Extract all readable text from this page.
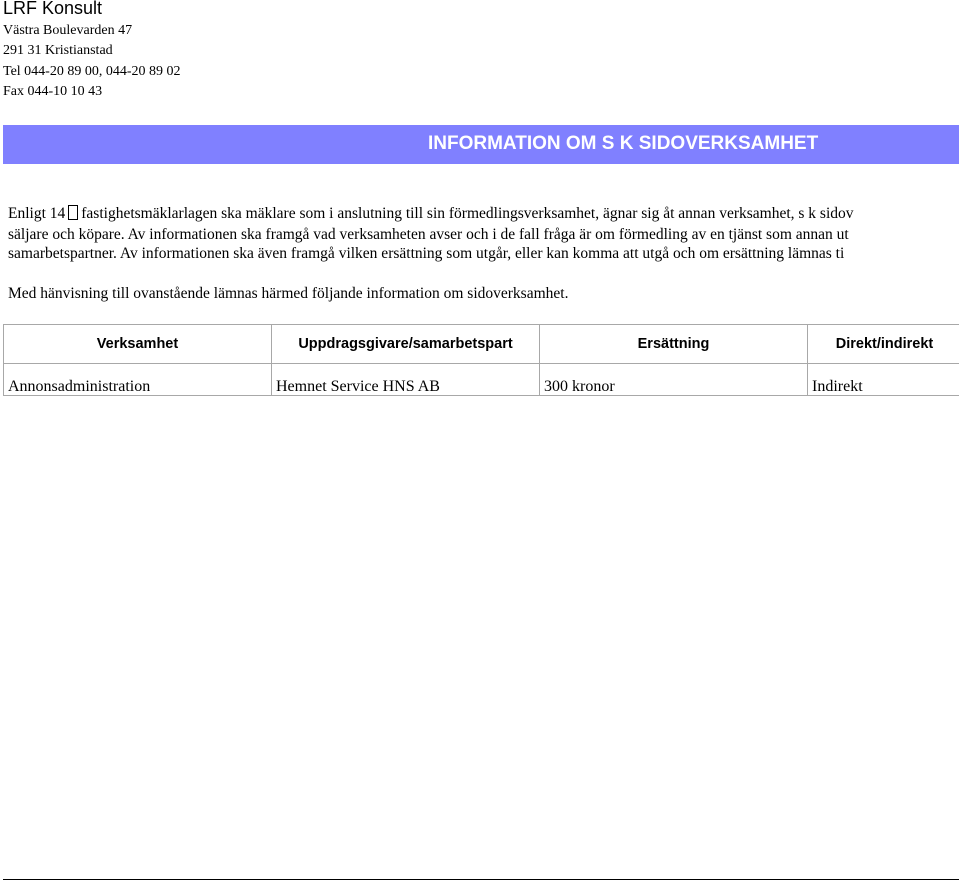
LRF Konsult
Västra Boulevarden 47
291 31 Kristianstad
Tel 044-20 89 00, 044-20 89 02
Fax 044-10 10 43
INFORMATION OM S K SIDOVERKSAMHET
Enligt 14 fastighetsmäklarlagen ska mäklare som i anslutning till sin förmedlingsverksamhet, ägnar sig åt annan verksamhet, s k sidov
säljare och köpare. Av informationen ska framgå vad verksamheten avser och i de fall fråga är om förmedling av en tjänst som annan ut
samarbetspartner. Av informationen ska även framgå vilken ersättning som utgår, eller kan komma att utgå och om ersättning lämnas ti
Med hänvisning till ovanstående lämnas härmed följande information om sidoverksamhet.
Verksamhet	Uppdragsgivare/samarbetspart	Ersättning	Direkt/indirekt
Annonsadministration	Hemnet Service HNS AB	300 kronor	Indirekt
